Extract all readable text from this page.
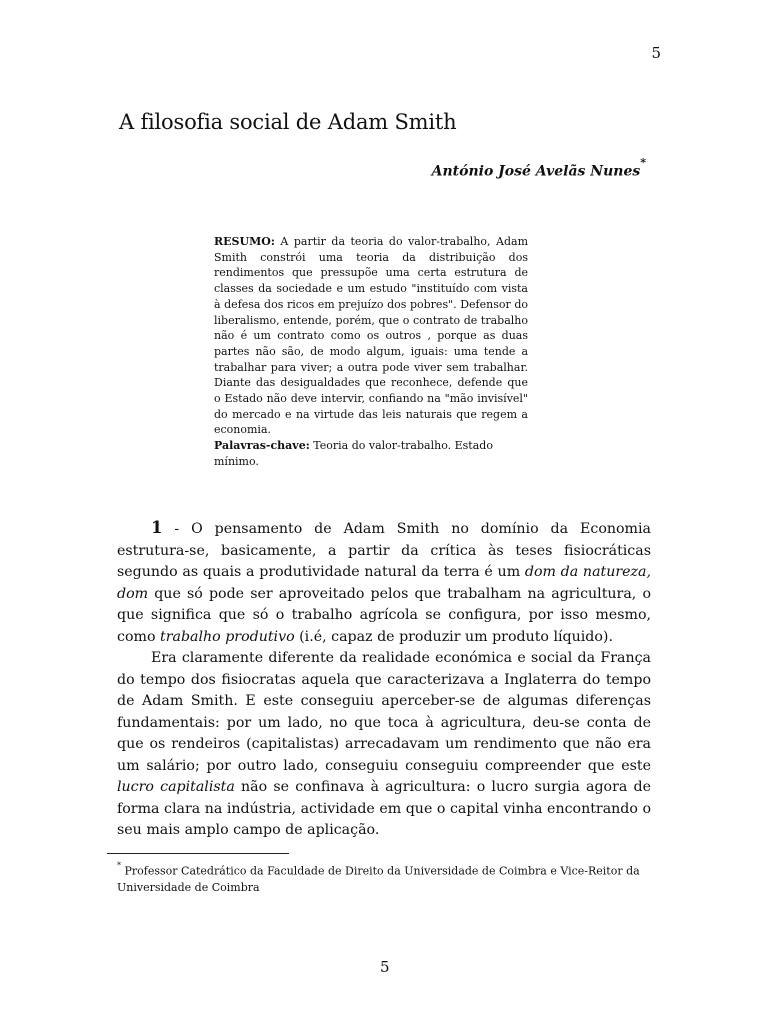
5
A filosofia social de Adam Smith
António José Avelãs Nunes*
RESUMO: A partir da teoria do valor-trabalho, Adam Smith constrói uma teoria da distribuição dos rendimentos que pressupõe uma certa estrutura de classes da sociedade e um estudo "instituído com vista à defesa dos ricos em prejuízo dos pobres". Defensor do liberalismo, entende, porém, que o contrato de trabalho não é um contrato como os outros , porque as duas partes não são, de modo algum, iguais: uma tende a trabalhar para viver; a outra pode viver sem trabalhar. Diante das desigualdades que reconhece, defende que o Estado não deve intervir, confiando na "mão invisível" do mercado e na virtude das leis naturais que regem a economia.
Palavras-chave: Teoria do valor-trabalho. Estado mínimo.

1 - O pensamento de Adam Smith no domínio da Economia estrutura-se, basicamente, a partir da crítica às teses fisiocráticas segundo as quais a produtividade natural da terra é um dom da natureza, dom que só pode ser aproveitado pelos que trabalham na agricultura, o que significa que só o trabalho agrícola se configura, por isso mesmo, como trabalho produtivo (i.é, capaz de produzir um produto líquido).

Era claramente diferente da realidade económica e social da França do tempo dos fisiocratas aquela que caracterizava a Inglaterra do tempo de Adam Smith. E este conseguiu aperceber-se de algumas diferenças fundamentais: por um lado, no que toca à agricultura, deu-se conta de que os rendeiros (capitalistas) arrecadavam um rendimento que não era um salário; por outro lado, conseguiu conseguiu compreender que este lucro capitalista não se confinava à agricultura: o lucro surgia agora de forma clara na indústria, actividade em que o capital vinha encontrando o seu mais amplo campo de aplicação.

* Professor Catedrático da Faculdade de Direito da Universidade de Coimbra e Vice-Reitor da Universidade de Coimbra
5
